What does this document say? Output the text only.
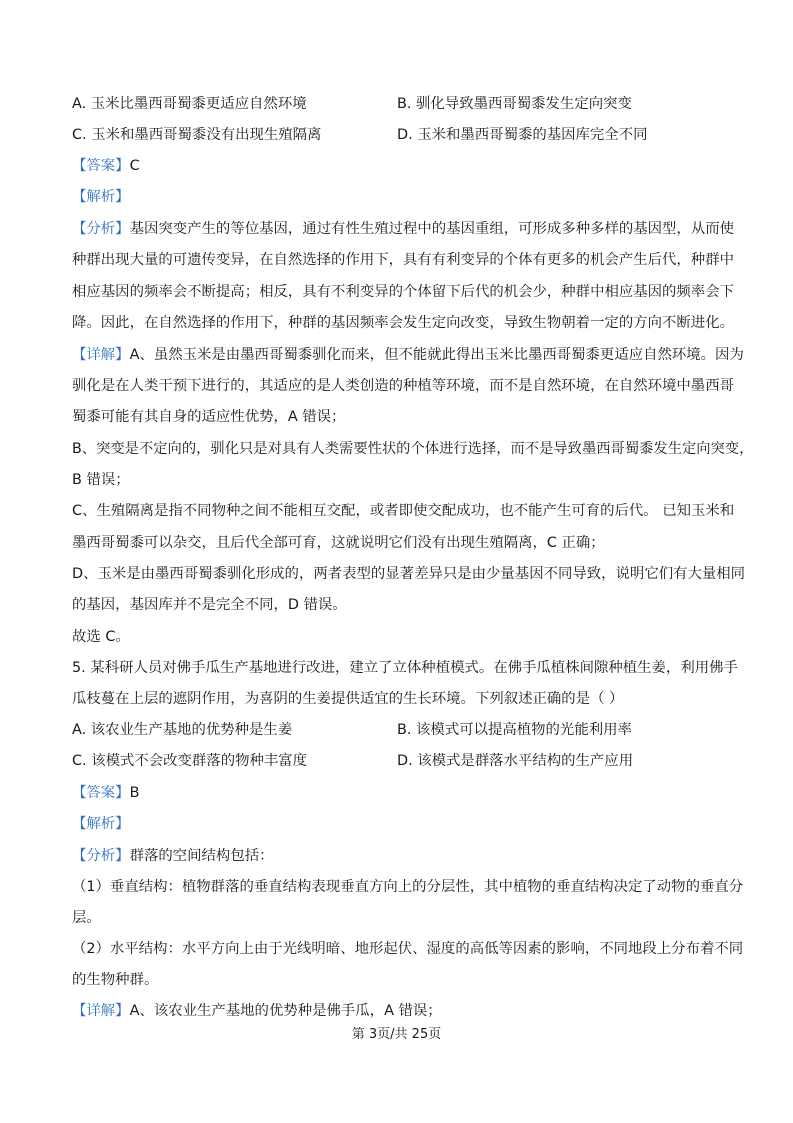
A. 玉米比墨西哥蜀黍更适应自然环境	B. 驯化导致墨西哥蜀黍发生定向突变
C. 玉米和墨西哥蜀黍没有出现生殖隔离	D. 玉米和墨西哥蜀黍的基因库完全不同
【答案】C
【解析】
【分析】基因突变产生的等位基因，通过有性生殖过程中的基因重组，可形成多种多样的基因型，从而使
种群出现大量的可遗传变异，在自然选择的作用下，具有有利变异的个体有更多的机会产生后代，种群中
相应基因的频率会不断提高；相反，具有不利变异的个体留下后代的机会少，种群中相应基因的频率会下
降。因此，在自然选择的作用下，种群的基因频率会发生定向改变，导致生物朝着一定的方向不断进化。
【详解】A、虽然玉米是由墨西哥蜀黍驯化而来，但不能就此得出玉米比墨西哥蜀黍更适应自然环境。因为
驯化是在人类干预下进行的，其适应的是人类创造的种植等环境，而不是自然环境，在自然环境中墨西哥
蜀黍可能有其自身的适应性优势，A 错误；
B、突变是不定向的，驯化只是对具有人类需要性状的个体进行选择，而不是导致墨西哥蜀黍发生定向突变，
B 错误；
C、生殖隔离是指不同物种之间不能相互交配，或者即使交配成功，也不能产生可育的后代。 已知玉米和
墨西哥蜀黍可以杂交，且后代全部可育，这就说明它们没有出现生殖隔离，C 正确；
D、玉米是由墨西哥蜀黍驯化形成的，两者表型的显著差异只是由少量基因不同导致，说明它们有大量相同
的基因，基因库并不是完全不同，D 错误。
故选 C。
5. 某科研人员对佛手瓜生产基地进行改进，建立了立体种植模式。在佛手瓜植株间隙种植生姜，利用佛手
瓜枝蔓在上层的遮阴作用，为喜阴的生姜提供适宜的生长环境。下列叙述正确的是（ ）
A. 该农业生产基地的优势种是生姜	B. 该模式可以提高植物的光能利用率
C. 该模式不会改变群落的物种丰富度	D. 该模式是群落水平结构的生产应用
【答案】B
【解析】
【分析】群落的空间结构包括：
（1）垂直结构：植物群落的垂直结构表现垂直方向上的分层性，其中植物的垂直结构决定了动物的垂直分
层。
（2）水平结构：水平方向上由于光线明暗、地形起伏、湿度的高低等因素的影响，不同地段上分布着不同
的生物种群。
【详解】A、该农业生产基地的优势种是佛手瓜，A 错误；
第 3页/共 25页
